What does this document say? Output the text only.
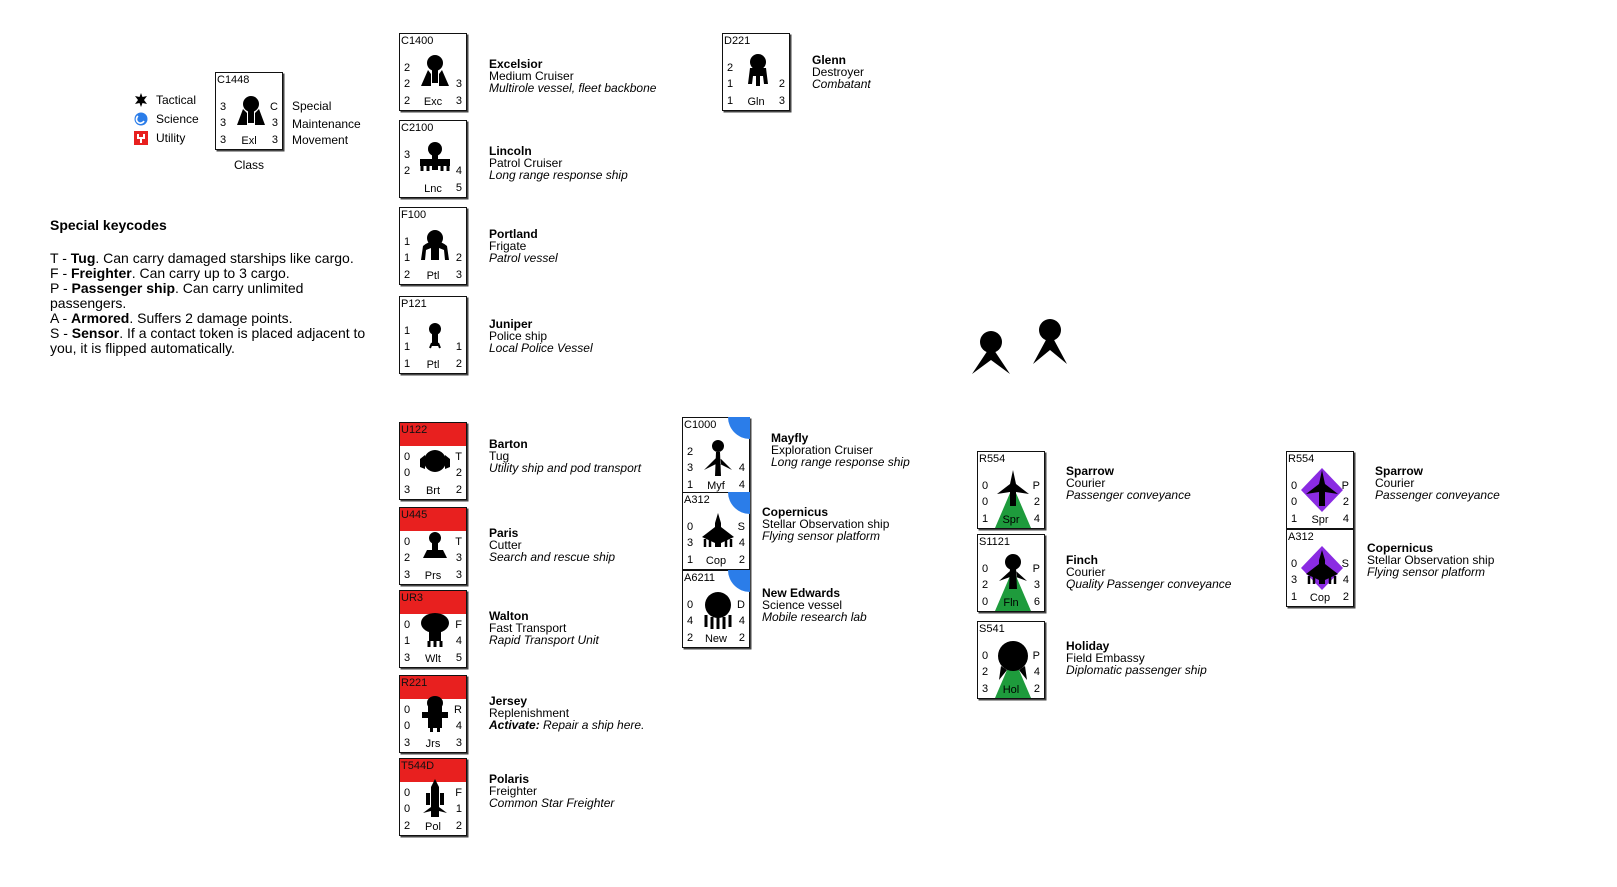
Tactical
Science
Utility
C1448
3
3
3
C
3
3
Exl
Special
Maintenance
Movement
Class
Special keycodes
T - Tug. Can carry damaged starships like cargo.
F - Freighter. Can carry up to 3 cargo.
P - Passenger ship. Can carry unlimited passengers.
A - Armored. Suffers 2 damage points.
S - Sensor. If a contact token is placed adjacent to you, it is flipped automatically.
C1400
2
2
2
3
3
Exc
Excelsior
Medium Cruiser
Multirole vessel, fleet backbone
C2100
3
2	4
5
Lnc
Lincoln
Patrol Cruiser
Long range response ship
F100
1
1
2
2
3
Ptl
Portland
Frigate
Patrol vessel
P121
1
1
1
1
2
Ptl
Juniper
Police ship
Local Police Vessel
D221
2
1
1
2
3
Gln
Glenn
Destroyer
Combatant
U122
0
0
3
T
2
2
Brt
Barton
Tug
Utility ship and pod transport
U445
0
2
3
T
3
3
Prs
Paris
Cutter
Search and rescue ship
UR3
0
1
3
F
4
5
Wlt
Walton
Fast Transport
Rapid Transport Unit
R221
0
0
3
R
4
3
Jrs
Jersey
Replenishment
Activate: Repair a ship here.
T544D
0
0
2
F
1
2
Pol
Polaris
Freighter
Common Star Freighter
C1000
2
3
1
4
4
Myf
Mayfly
Exploration Cruiser
Long range response ship
A312
0
3
1
S
4
2
Cop
Copernicus
Stellar Observation ship
Flying sensor platform
A6211
0
4
2
D
4
2
New
New Edwards
Science vessel
Mobile research lab
R554
0
0
1
P
2
4
Spr
Sparrow
Courier
Passenger conveyance
S1121
0
2
0
P
3
6
Fln
Finch
Courier
Quality Passenger conveyance
S541
0
2
3
P
4
2
Hol
Holiday
Field Embassy
Diplomatic passenger ship
R554
0
0
1
P
2
4
Spr
Sparrow
Courier
Passenger conveyance
A312
0
3
1
S
4
2
Cop
Copernicus
Stellar Observation ship
Flying sensor platform
